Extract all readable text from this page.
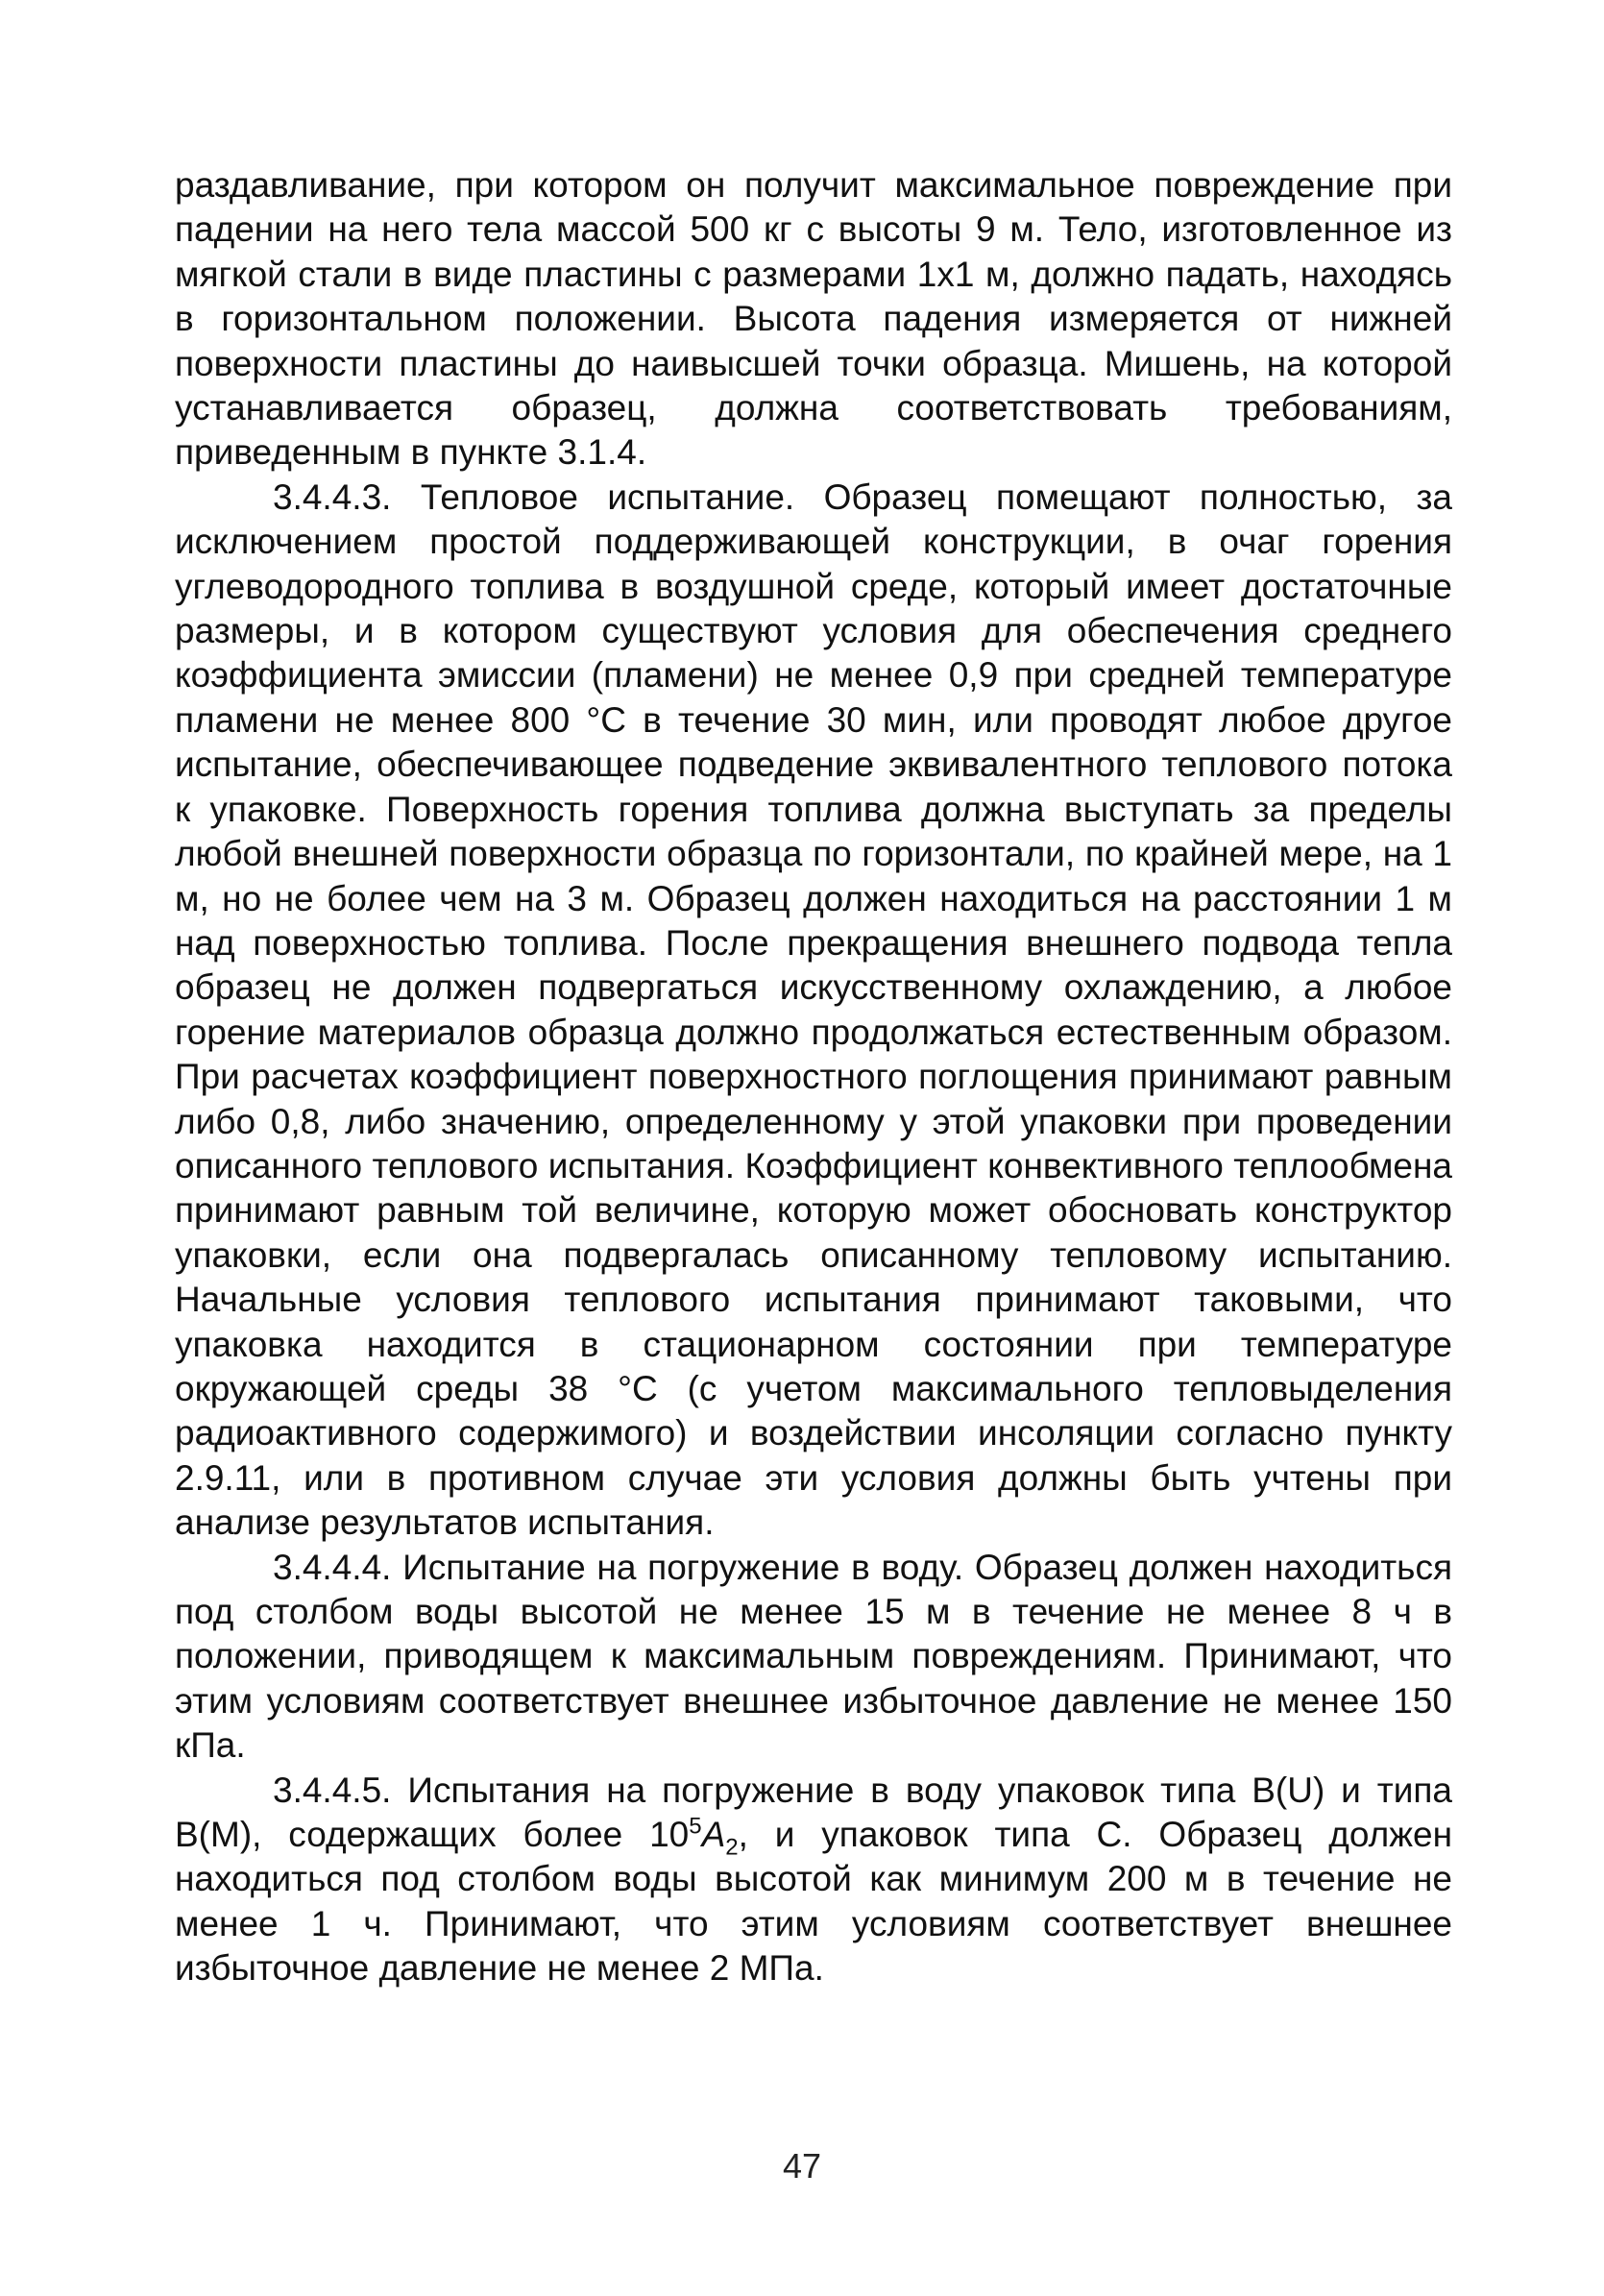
раздавливание, при котором он получит максимальное повреждение при падении на него тела массой 500 кг с высоты 9 м. Тело, изготовленное из мягкой стали в виде пластины с размерами 1х1 м, должно падать, находясь в горизонтальном положении. Высота падения измеряется от нижней поверхности пластины до наивысшей точки образца. Мишень, на которой устанавливается образец, должна соответствовать требованиям, приведенным в пункте 3.1.4.

3.4.4.3. Тепловое испытание. Образец помещают полностью, за исключением простой поддерживающей конструкции, в очаг горения углеводородного топлива в воздушной среде, который имеет достаточные размеры, и в котором существуют условия для обеспечения среднего коэффициента эмиссии (пламени) не менее 0,9 при средней температуре пламени не менее 800 °С в течение 30 мин, или проводят любое другое испытание, обеспечивающее подведение эквивалентного теплового потока к упаковке. Поверхность горения топлива должна выступать за пределы любой внешней поверхности образца по горизонтали, по крайней мере, на 1 м, но не более чем на 3 м. Образец должен находиться на расстоянии 1 м над поверхностью топлива. После прекращения внешнего подвода тепла образец не должен подвергаться искусственному охлаждению, а любое горение материалов образца должно продолжаться естественным образом. При расчетах коэффициент поверхностного поглощения принимают равным либо 0,8, либо значению, определенному у этой упаковки при проведении описанного теплового испытания. Коэффициент конвективного теплообмена принимают равным той величине, которую может обосновать конструктор упаковки, если она подвергалась описанному тепловому испытанию. Начальные условия теплового испытания принимают таковыми, что упаковка находится в стационарном состоянии при температуре окружающей среды 38 °С (с учетом максимального тепловыделения радиоактивного содержимого) и воздействии инсоляции согласно пункту 2.9.11, или в противном случае эти условия должны быть учтены при анализе результатов испытания.

3.4.4.4. Испытание на погружение в воду. Образец должен находиться под столбом воды высотой не менее 15 м в течение не менее 8 ч в положении, приводящем к максимальным повреждениям. Принимают, что этим условиям соответствует внешнее избыточное давление не менее 150 кПа.

3.4.4.5. Испытания на погружение в воду упаковок типа B(U) и типа B(M), содержащих более $10^5A_2$, и упаковок типа С. Образец должен находиться под столбом воды высотой как минимум 200 м в течение не менее 1 ч. Принимают, что этим условиям соответствует внешнее избыточное давление не менее 2 МПа.

47
